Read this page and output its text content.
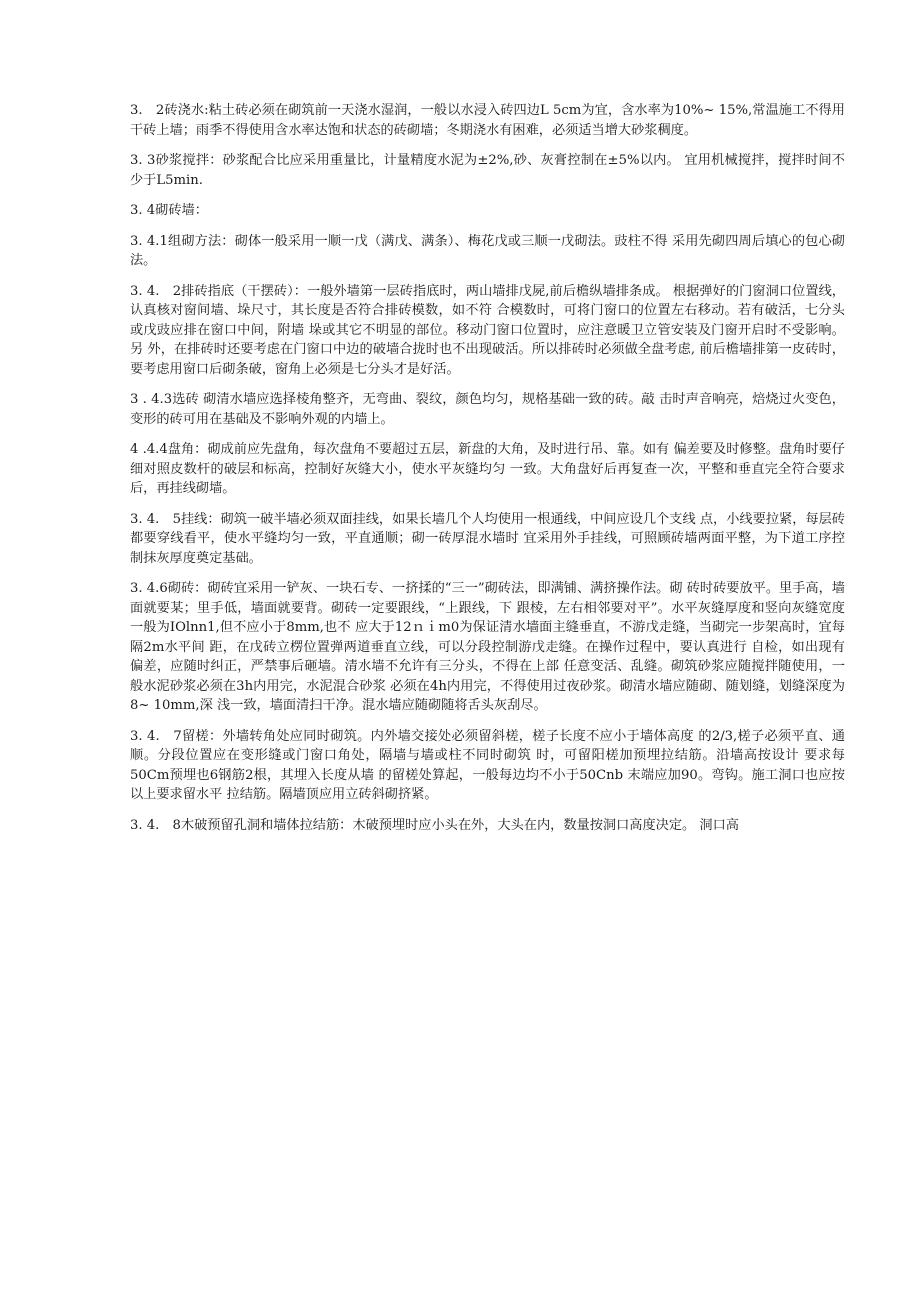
3.　2砖浇水:粘土砖必须在砌筑前一天浇水湿润，一般以水浸入砖四边L 5cm为宜，含水率为10%~ 15%,常温施工不得用干砖上墙；雨季不得使用含水率达饱和状态的砖砌墙；冬期浇水有困难，必须适当增大砂浆稠度。

3. 3砂浆搅拌：砂浆配合比应采用重量比，计量精度水泥为±2%,砂、灰膏控制在±5%以内。 宜用机械搅拌，搅拌时间不少于L5min.

3. 4砌砖墙：

3. 4.1组砌方法：砌体一般采用一顺一戊（满戊、满条）、梅花戊或三顺一戊砌法。豉柱不得 采用先砌四周后填心的包心砌法。

3. 4.　2排砖指底（干摆砖）：一般外墙第一层砖指底时，两山墙排戊屍,前后檐纵墙排条成。 根据弹好的门窗洞口位置线，认真核对窗间墙、垛尺寸，其长度是否符合排砖模数，如不符 合模数时，可将门窗口的位置左右移动。若有破活，七分头或戊豉应排在窗口中间，附墙 垛或其它不明显的部位。移动门窗口位置时，应注意暖卫立管安装及门窗开启时不受影响。另 外，在排砖时还要考虑在门窗口中边的破墙合拢时也不出现破活。所以排砖时必须做全盘考虑, 前后檐墙排第一皮砖时，要考虑用窗口后砌条破，窗角上必须是七分头才是好活。

3 . 4.3选砖 砌清水墙应选择棱角整齐，无弯曲、裂纹，颜色均匀，规格基础一致的砖。敲 击时声音响亮，焙烧过火变色，变形的砖可用在基础及不影响外观的内墙上。

4 .4.4盘角：砌成前应先盘角，每次盘角不要超过五层，新盘的大角，及时进行吊、靠。如有 偏差要及时修整。盘角时要仔细对照皮数杆的破层和标高，控制好灰缝大小，使水平灰缝均匀 一致。大角盘好后再复查一次，平整和垂直完全符合要求后，再挂线砌墙。

3. 4.　5挂线：砌筑一破半墙必须双面挂线，如果长墙几个人均使用一根通线，中间应设几个支线 点，小线要拉紧，每层砖都要穿线看平，使水平缝均匀一致，平直通顺；砌一砖厚混水墙时 宜采用外手挂线，可照顾砖墙两面平整，为下道工序控制抹灰厚度奠定基础。

3. 4.6砌砖：砌砖宜采用一铲灰、一块石专、一挤揉的“三一”砌砖法，即满铺、满挤操作法。砌 砖时砖要放平。里手高，墙面就要某；里手低，墙面就要背。砌砖一定要跟线，“上跟线，下 跟棱，左右相邻要对平”。水平灰缝厚度和竖向灰缝宽度一般为IOlnn1,但不应小于8mm,也不 应大于12ｎｉm0为保证清水墙面主缝垂直，不游戊走缝，当砌完一步架高时，宜每隔2m水平间 距，在戊砖立楞位置弹两道垂直立线，可以分段控制游戊走缝。在操作过程中，要认真进行 自检，如出现有偏差，应随时纠正，严禁事后砸墙。清水墙不允许有三分头，不得在上部 任意变活、乱缝。砌筑砂浆应随搅拌随使用，一般水泥砂浆必须在3h内用完，水泥混合砂浆 必须在4h内用完，不得使用过夜砂浆。砌清水墙应随砌、随划缝，划缝深度为8~ 10mm,深 浅一致，墙面清扫干净。混水墙应随砌随将舌头灰刮尽。

3. 4.　7留槎：外墙转角处应同时砌筑。内外墙交接处必须留斜槎，槎子长度不应小于墙体高度 的2/3,槎子必须平直、通顺。分段位置应在变形缝或门窗口角处，隔墙与墙或柱不同时砌筑 时，可留阳槎加预埋拉结筋。沿墙高按设计 要求每50Cm预埋也6钢筋2根，其埋入长度从墙 的留槎处算起，一般每边均不小于50Cnb 末端应加90。弯钩。施工洞口也应按以上要求留水平 拉结筋。隔墙顶应用立砖斜砌挤紧。

3. 4.　8木破预留孔洞和墙体拉结筋：木破预埋时应小头在外，大头在内，数量按洞口高度决定。 洞口高
